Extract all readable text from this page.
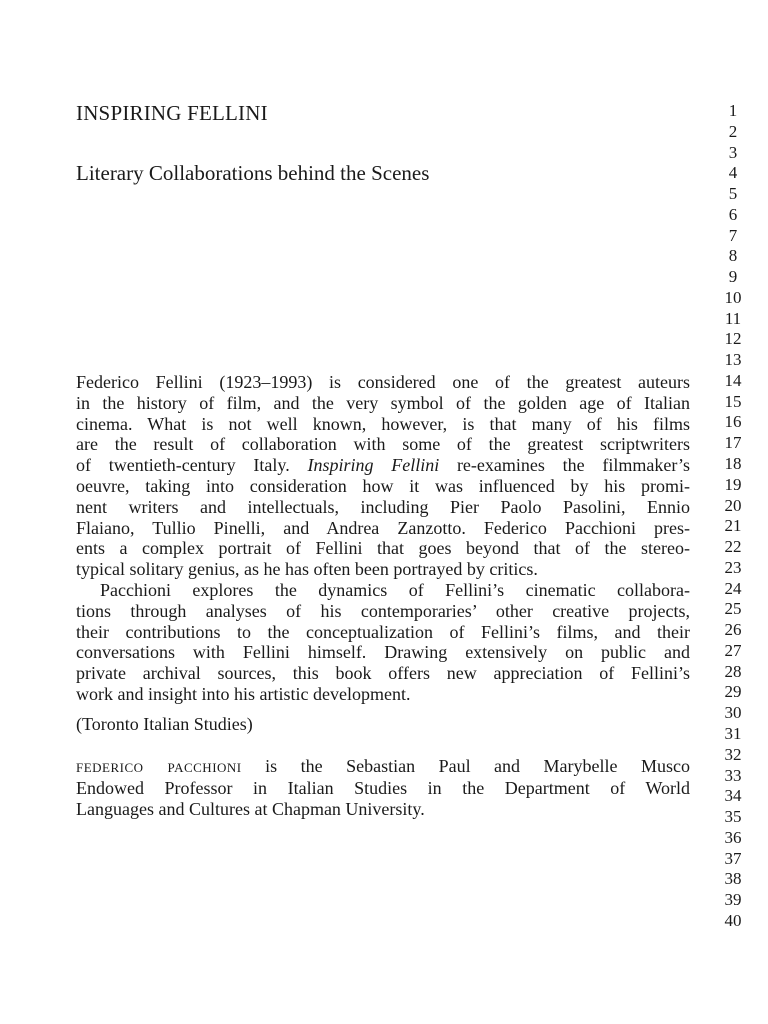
INSPIRING FELLINI
Literary Collaborations behind the Scenes

Federico Fellini (1923–1993) is considered one of the greatest auteurs
in the history of film, and the very symbol of the golden age of Italian
cinema. What is not well known, however, is that many of his films
are the result of collaboration with some of the greatest scriptwriters
of twentieth-century Italy. Inspiring Fellini re-examines the filmmaker’s
oeuvre, taking into consideration how it was influenced by his promi-
nent writers and intellectuals, including Pier Paolo Pasolini, Ennio
Flaiano, Tullio Pinelli, and Andrea Zanzotto. Federico Pacchioni pres-
ents a complex portrait of Fellini that goes beyond that of the stereo-
typical solitary genius, as he has often been portrayed by critics.

Pacchioni explores the dynamics of Fellini’s cinematic collabora-
tions through analyses of his contemporaries’ other creative projects,
their contributions to the conceptualization of Fellini’s films, and their
conversations with Fellini himself. Drawing extensively on public and
private archival sources, this book offers new appreciation of Fellini’s
work and insight into his artistic development.

(Toronto Italian Studies)

federico pacchioni is the Sebastian Paul and Marybelle Musco
Endowed Professor in Italian Studies in the Department of World
Languages and Cultures at Chapman University.
1
2
3
4
5
6
7
8
9
10
11
12
13
14
15
16
17
18
19
20
21
22
23
24
25
26
27
28
29
30
31
32
33
34
35
36
37
38
39
40
